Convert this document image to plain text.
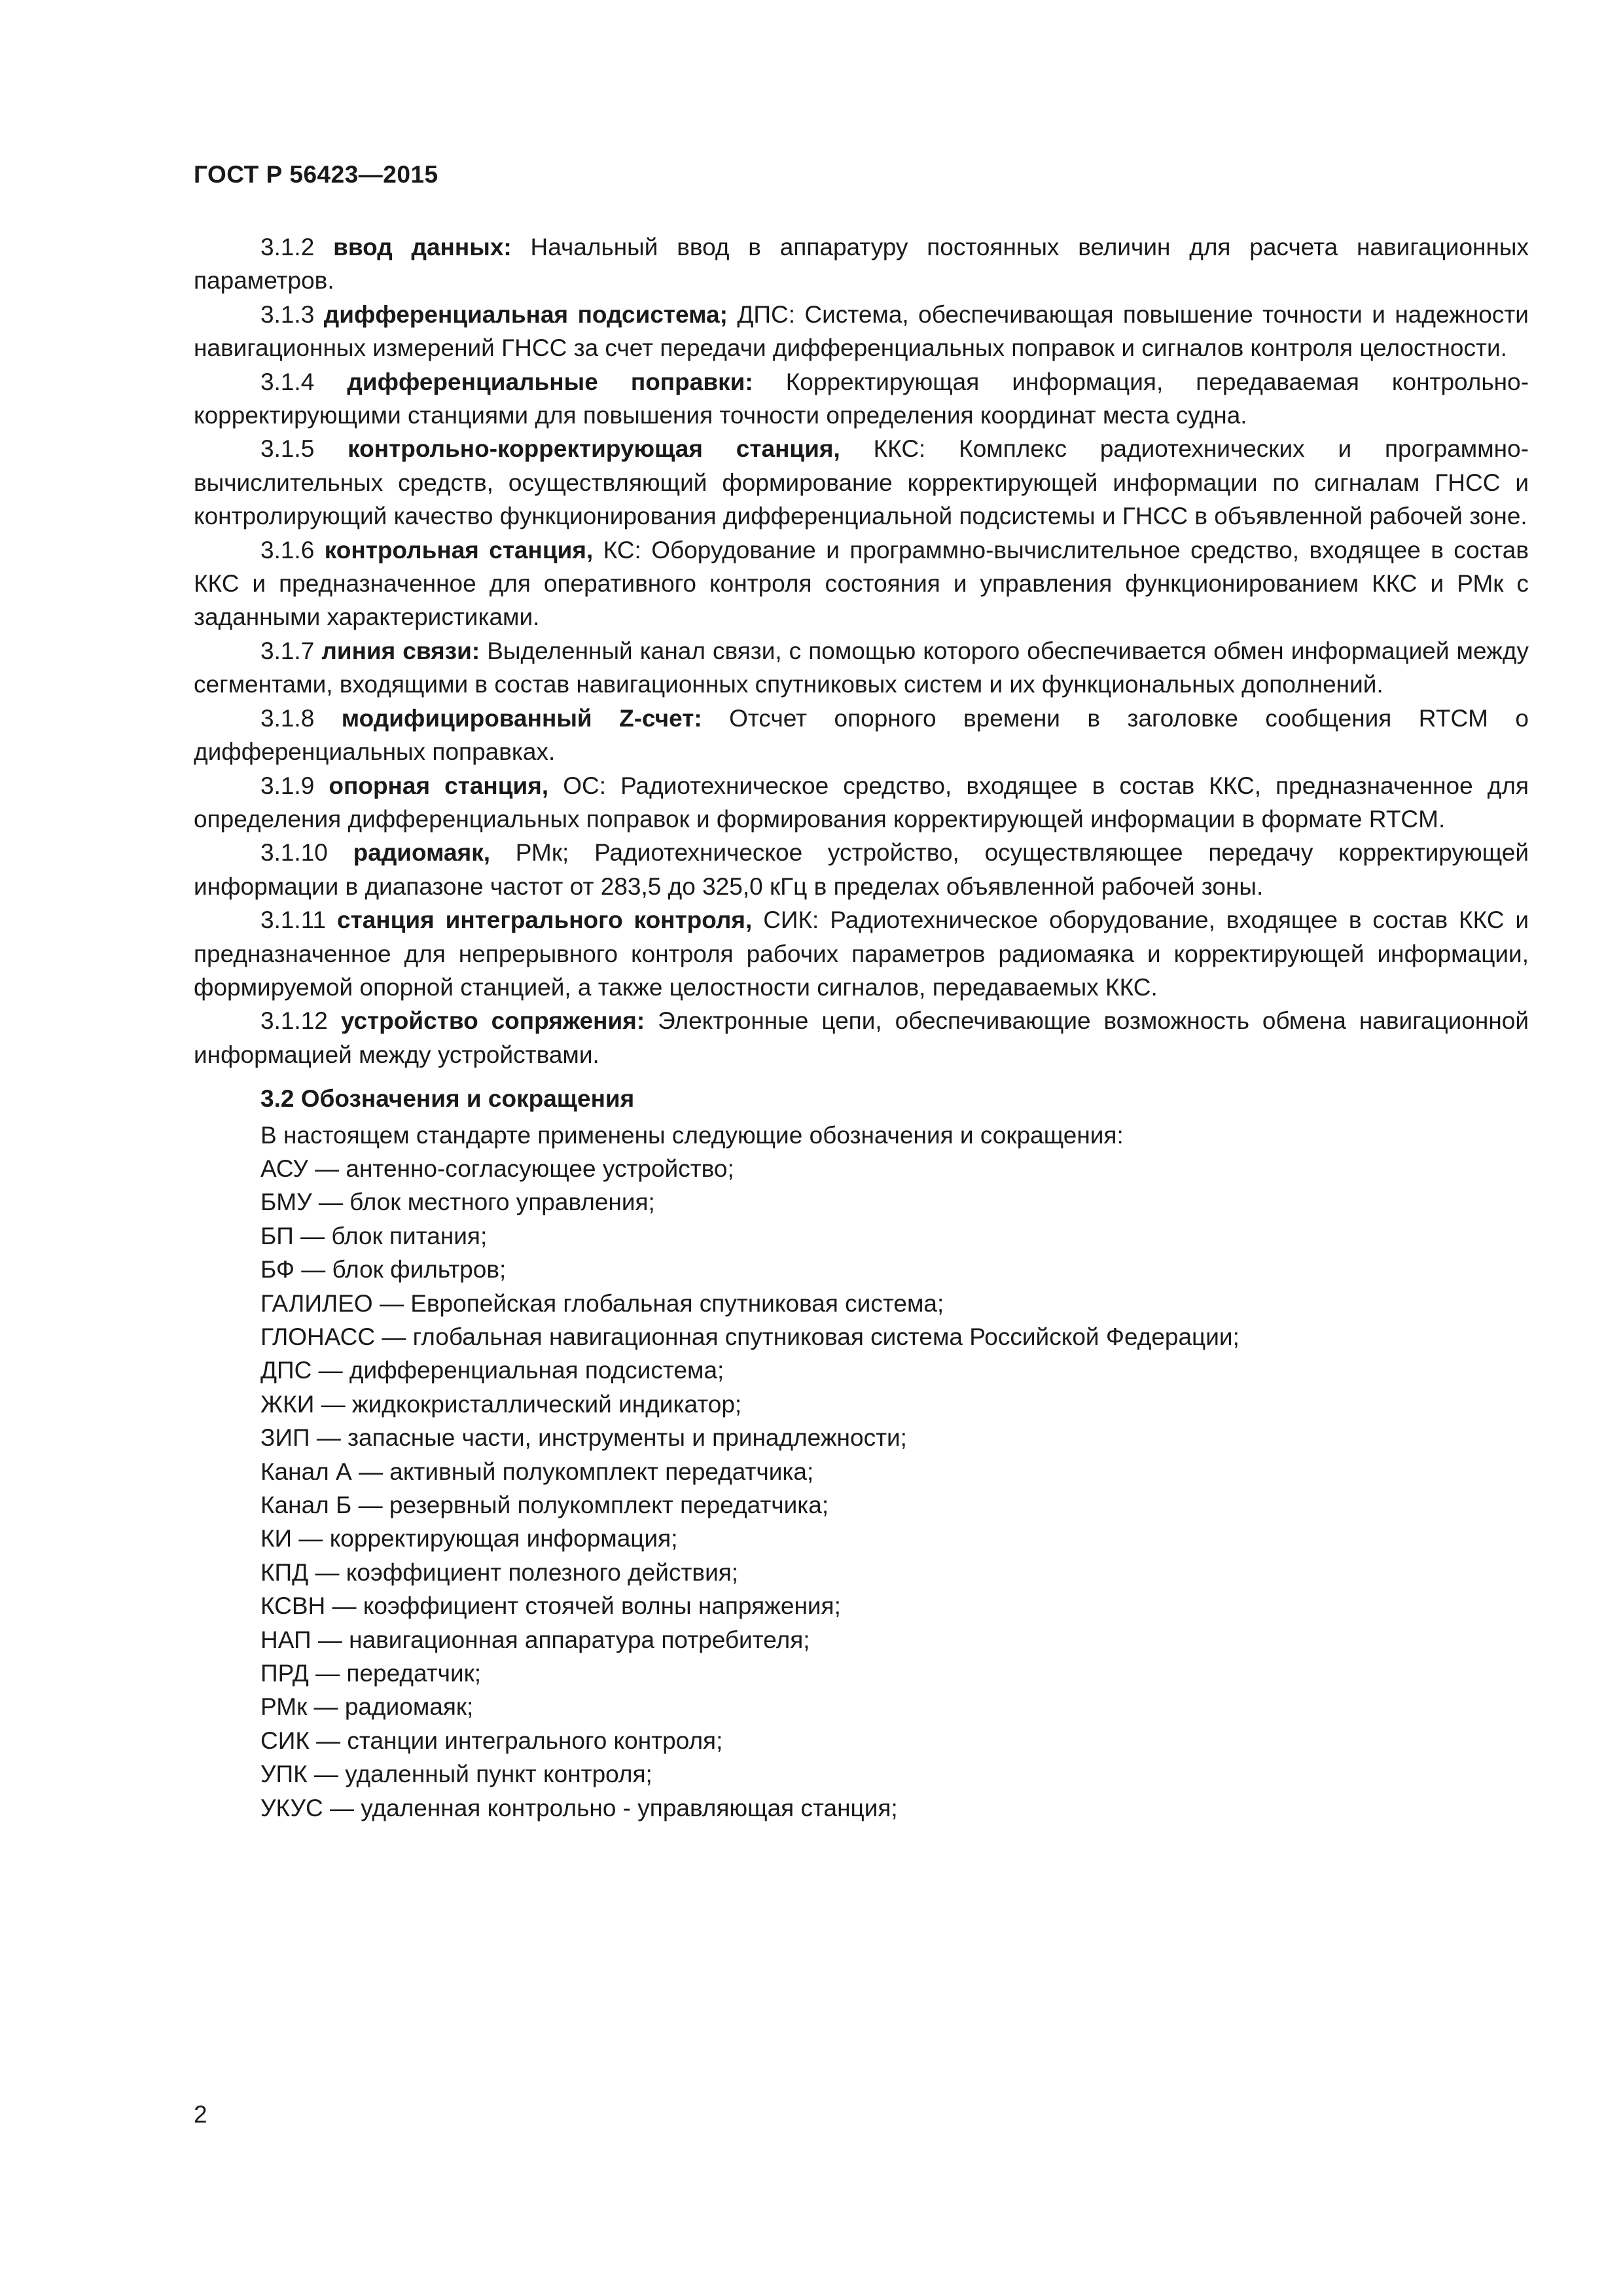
ГОСТ Р 56423—2015

3.1.2 ввод данных: Начальный ввод в аппаратуру постоянных величин для расчета навигационных параметров.

3.1.3 дифференциальная подсистема; ДПС: Система, обеспечивающая повышение точности и надежности навигационных измерений ГНСС за счет передачи дифференциальных поправок и сигналов контроля целостности.

3.1.4 дифференциальные поправки: Корректирующая информация, передаваемая контрольно-корректирующими станциями для повышения точности определения координат места судна.

3.1.5 контрольно-корректирующая станция, ККС: Комплекс радиотехнических и программно-вычислительных средств, осуществляющий формирование корректирующей информации по сигналам ГНСС и контролирующий качество функционирования дифференциальной подсистемы и ГНСС в объявленной рабочей зоне.

3.1.6 контрольная станция, КС: Оборудование и программно-вычислительное средство, входящее в состав ККС и предназначенное для оперативного контроля состояния и управления функционированием ККС и РМк с заданными характеристиками.

3.1.7 линия связи: Выделенный канал связи, с помощью которого обеспечивается обмен информацией между сегментами, входящими в состав навигационных спутниковых систем и их функциональных дополнений.

3.1.8 модифицированный Z-счет: Отсчет опорного времени в заголовке сообщения RTCM о дифференциальных поправках.

3.1.9 опорная станция, ОС: Радиотехническое средство, входящее в состав ККС, предназначенное для определения дифференциальных поправок и формирования корректирующей информации в формате RTCM.

3.1.10 радиомаяк, РМк; Радиотехническое устройство, осуществляющее передачу корректирующей информации в диапазоне частот от 283,5 до 325,0 кГц в пределах объявленной рабочей зоны.

3.1.11 станция интегрального контроля, СИК: Радиотехническое оборудование, входящее в состав ККС и предназначенное для непрерывного контроля рабочих параметров радиомаяка и корректирующей информации, формируемой опорной станцией, а также целостности сигналов, передаваемых ККС.

3.1.12 устройство сопряжения: Электронные цепи, обеспечивающие возможность обмена навигационной информацией между устройствами.

3.2 Обозначения и сокращения
В настоящем стандарте применены следующие обозначения и сокращения:
АСУ — антенно-согласующее устройство;
БМУ — блок местного управления;
БП — блок питания;
БФ — блок фильтров;
ГАЛИЛЕО — Европейская глобальная спутниковая система;
ГЛОНАСС — глобальная навигационная спутниковая система Российской Федерации;
ДПС — дифференциальная подсистема;
ЖКИ — жидкокристаллический индикатор;
ЗИП — запасные части, инструменты и принадлежности;
Канал А — активный полукомплект передатчика;
Канал Б — резервный полукомплект передатчика;
КИ — корректирующая информация;
КПД — коэффициент полезного действия;
КСВН — коэффициент стоячей волны напряжения;
НАП — навигационная аппаратура потребителя;
ПРД — передатчик;
РМк — радиомаяк;
СИК — станции интегрального контроля;
УПК — удаленный пункт контроля;
УКУС — удаленная контрольно - управляющая станция;
2
